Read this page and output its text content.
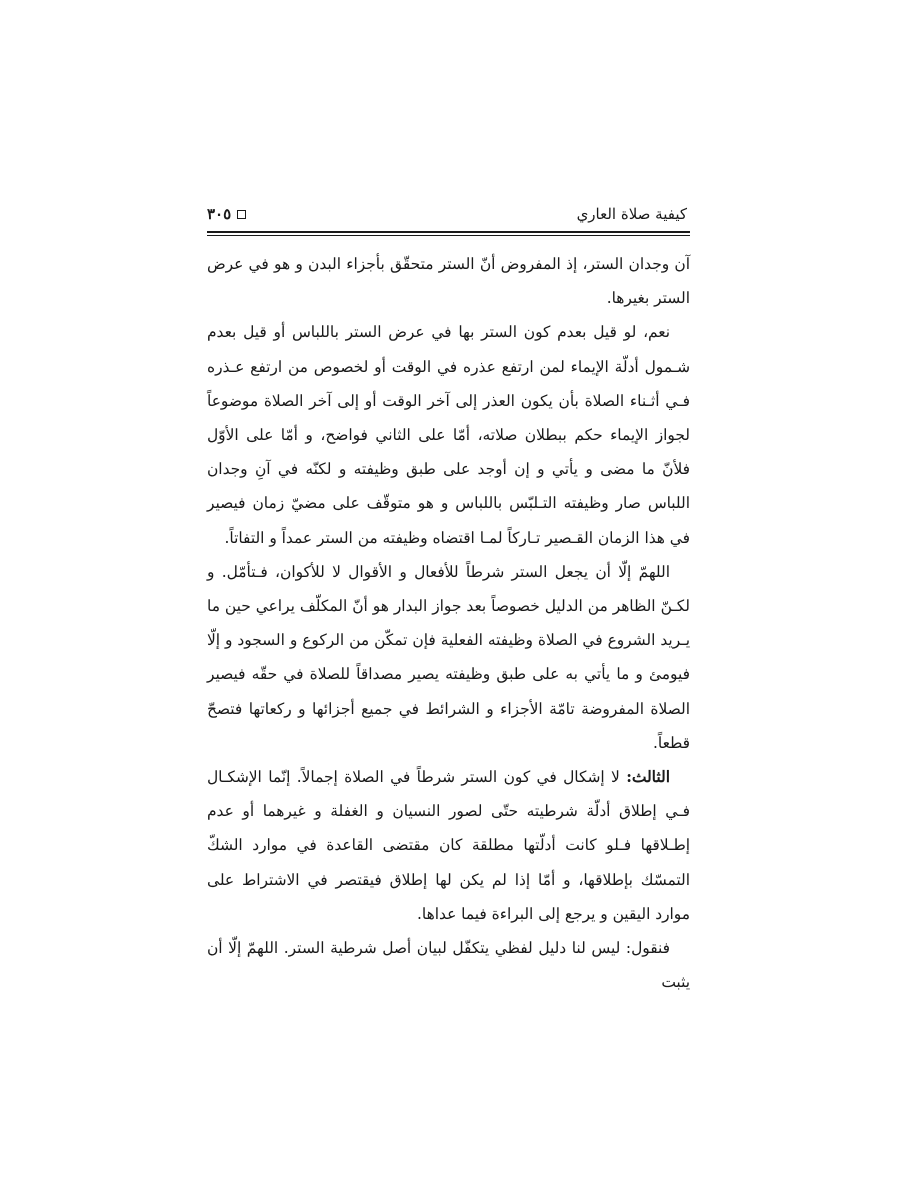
كيفية صلاة العاري
٣٠٥

آن وجدان الستر، إذ المفروض أنّ الستر متحقّق بأجزاء البدن و هو في عرض الستر بغيرها.

نعم، لو قيل بعدم كون الستر بها في عرض الستر باللباس أو قيل بعدم شـمول أدلّة الإيماء لمن ارتفع عذره في الوقت أو لخصوص من ارتفع عـذره فـي أثـناء الصلاة بأن يكون العذر إلى آخر الوقت أو إلى آخر الصلاة موضوعاً لجواز الإيماء حكم ببطلان صلاته، أمّا على الثاني فواضح، و أمّا على الأوّل فلأنّ ما مضى و يأتي و إن أوجد على طبق وظيفته و لكنّه في آنِ وجدان اللباس صار وظيفته التـلبّس باللباس و هو متوقّف على مضيّ زمان فيصير في هذا الزمان القـصير تـاركاً لمـا اقتضاه وظيفته من الستر عمداً و التفاتاً.

اللهمّ إلّا أن يجعل الستر شرطاً للأفعال و الأقوال لا للأكوان، فـتأمّل. و لكـنّ الظاهر من الدليل خصوصاً بعد جواز البدار هو أنّ المكلّف يراعي حين ما يـريد الشروع في الصلاة وظيفته الفعلية فإن تمكّن من الركوع و السجود و إلّا فيومئ و ما يأتي به على طبق وظيفته يصير مصداقاً للصلاة في حقّه فيصير الصلاة المفروضة تامّة الأجزاء و الشرائط في جميع أجزائها و ركعاتها فتصحّ قطعاً.

الثالث: لا إشكال في كون الستر شرطاً في الصلاة إجمالاً. إنّما الإشكـال فـي إطلاق أدلّة شرطيته حتّى لصور النسيان و الغفلة و غيرهما أو عدم إطـلاقها فـلو كانت أدلّتها مطلقة كان مقتضى القاعدة في موارد الشكّ التمسّك بإطلاقها، و أمّا إذا لم يكن لها إطلاق فيقتصر في الاشتراط على موارد اليقين و يرجع إلى البراءة فيما عداها.

فنقول: ليس لنا دليل لفظي يتكفّل لبيان أصل شرطية الستر. اللهمّ إلّا أن يثبت
